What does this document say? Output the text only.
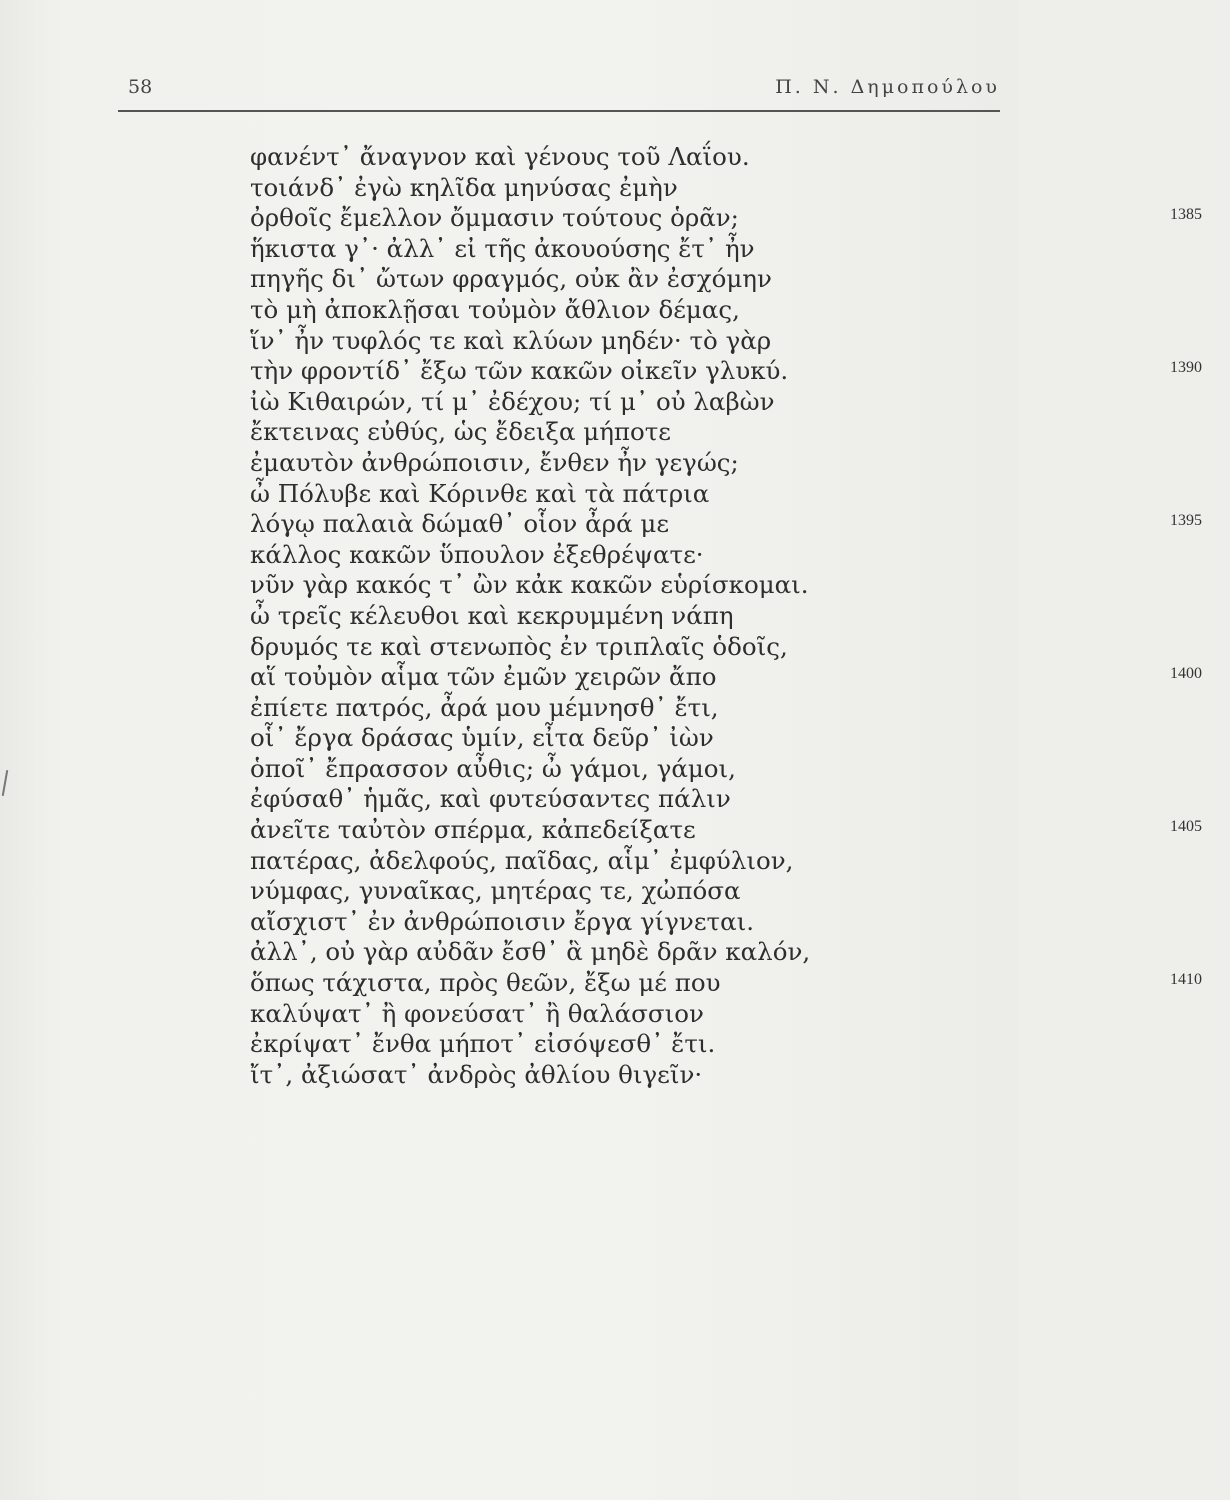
58	Π. Ν. Δημοπούλου
φανέντ᾽ ἄναγνον καὶ γένους τοῦ Λαΐου.
τοιάνδ᾽ ἐγὼ κηλῖδα μηνύσας ἐμὴν
ὀρθοῖς ἔμελλον ὄμμασιν τούτους ὁρᾶν;
ἥκιστα γ᾽· ἀλλ᾽ εἰ τῆς ἀκουούσης ἔτ᾽ ἦν
πηγῆς δι᾽ ὤτων φραγμός, οὐκ ἂν ἐσχόμην
τὸ μὴ ἀποκλῇσαι τοὐμὸν ἄθλιον δέμας,
ἵν᾽ ἦν τυφλός τε καὶ κλύων μηδέν· τὸ γὰρ
τὴν φροντίδ᾽ ἔξω τῶν κακῶν οἰκεῖν γλυκύ.
ἰὼ Κιθαιρών, τί μ᾽ ἐδέχου; τί μ᾽ οὐ λαβὼν
ἔκτεινας εὐθύς, ὡς ἔδειξα μήποτε
ἐμαυτὸν ἀνθρώποισιν, ἔνθεν ἦν γεγώς;
ὦ Πόλυβε καὶ Κόρινθε καὶ τὰ πάτρια
λόγῳ παλαιὰ δώμαθ᾽ οἷον ἆρά με
κάλλος κακῶν ὕπουλον ἐξεθρέψατε·
νῦν γὰρ κακός τ᾽ ὢν κἀκ κακῶν εὑρίσκομαι.
ὦ τρεῖς κέλευθοι καὶ κεκρυμμένη νάπη
δρυμός τε καὶ στενωπὸς ἐν τριπλαῖς ὁδοῖς,
αἵ τοὐμὸν αἷμα τῶν ἐμῶν χειρῶν ἄπο
ἐπίετε πατρός, ἆρά μου μέμνησθ᾽ ἔτι,
οἷ᾽ ἔργα δράσας ὑμίν, εἶτα δεῦρ᾽ ἰὼν
ὁποῖ᾽ ἔπρασσον αὖθις; ὦ γάμοι, γάμοι,
ἐφύσαθ᾽ ἡμᾶς, καὶ φυτεύσαντες πάλιν
ἀνεῖτε ταὐτὸν σπέρμα, κἀπεδείξατε
πατέρας, ἀδελφούς, παῖδας, αἷμ᾽ ἐμφύλιον,
νύμφας, γυναῖκας, μητέρας τε, χὠπόσα
αἴσχιστ᾽ ἐν ἀνθρώποισιν ἔργα γίγνεται.
ἀλλ᾽, οὐ γὰρ αὐδᾶν ἔσθ᾽ ἃ μηδὲ δρᾶν καλόν,
ὅπως τάχιστα, πρὸς θεῶν, ἔξω μέ που
καλύψατ᾽ ἢ φονεύσατ᾽ ἢ θαλάσσιον
ἐκρίψατ᾽ ἔνθα μήποτ᾽ εἰσόψεσθ᾽ ἔτι.
ἴτ᾽, ἀξιώσατ᾽ ἀνδρὸς ἀθλίου θιγεῖν·
1385
1390
1395
1400
1405
1410
